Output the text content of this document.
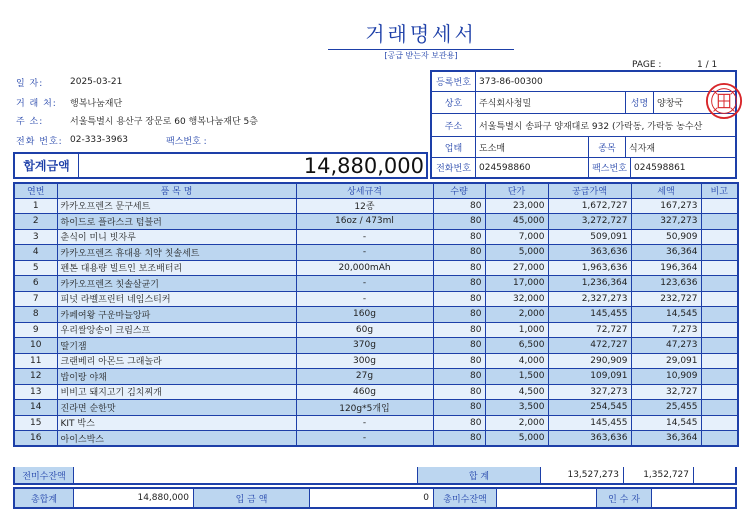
거래명세서
[공급 받는자 보관용]
PAGE :	1 / 1
일 자:	2025-03-21
거 래 처:	행복나눔재단
주 소:	서울특별시 용산구 장문로 60 행복나눔재단 5층
전화 번호: 02-333-3963	팩스번호 :
합계금액	14,880,000
등록번호 373-86-00300
상호	주식회사청밀	성명 양창국
주소	서울특별시 송파구 양재대로 932 (가락동, 가락동 농수산
업태	도소매	종목	식자재
전화번호 024598860	팩스번호 024598861
연번	품 목 명	상세규격	수량	단가	공급가액	세액	비고
1	카카오프렌즈 문구세트	12종	80	23,000	1,672,727	167,273	
2	하이드로 플라스크 텀블러	16oz / 473ml	80	45,000	3,272,727	327,273	
3	춘식이 미니 빗자루	-	80	7,000	509,091	50,909	
4	카카오프렌즈 휴대용 치약 칫솔세트	-	80	5,000	363,636	36,364	
5	펜톤 대용량 빌트인 보조배터리	20,000mAh	80	27,000	1,963,636	196,364	
6	카카오프렌즈 칫솔살균기	-	80	17,000	1,236,364	123,636	
7	피넛 라벨프린터 네임스티커	-	80	32,000	2,327,273	232,727	
8	카페여왕 구운마늘앙파	160g	80	2,000	145,455	14,545	
9	우리쌀앙송이 크림스프	60g	80	1,000	72,727	7,273	
10	딸기잼	370g	80	6,500	472,727	47,273	
11	크랜베리 아몬드 그래놀라	300g	80	4,000	290,909	29,091	
12	밥이랑 야채	27g	80	1,500	109,091	10,909	
13	비비고 돼지고기 김치찌개	460g	80	4,500	327,273	32,727	
14	진라면 순한맛	120g*5개입	80	3,500	254,545	25,455	
15	KIT 박스	-	80	2,000	145,455	14,545	
16	아이스박스	-	80	5,000	363,636	36,364	
전미수잔액	합 계	13,527,273	1,352,727
총합계	14,880,000	입 금 액	0	총미수잔액	인 수 자
